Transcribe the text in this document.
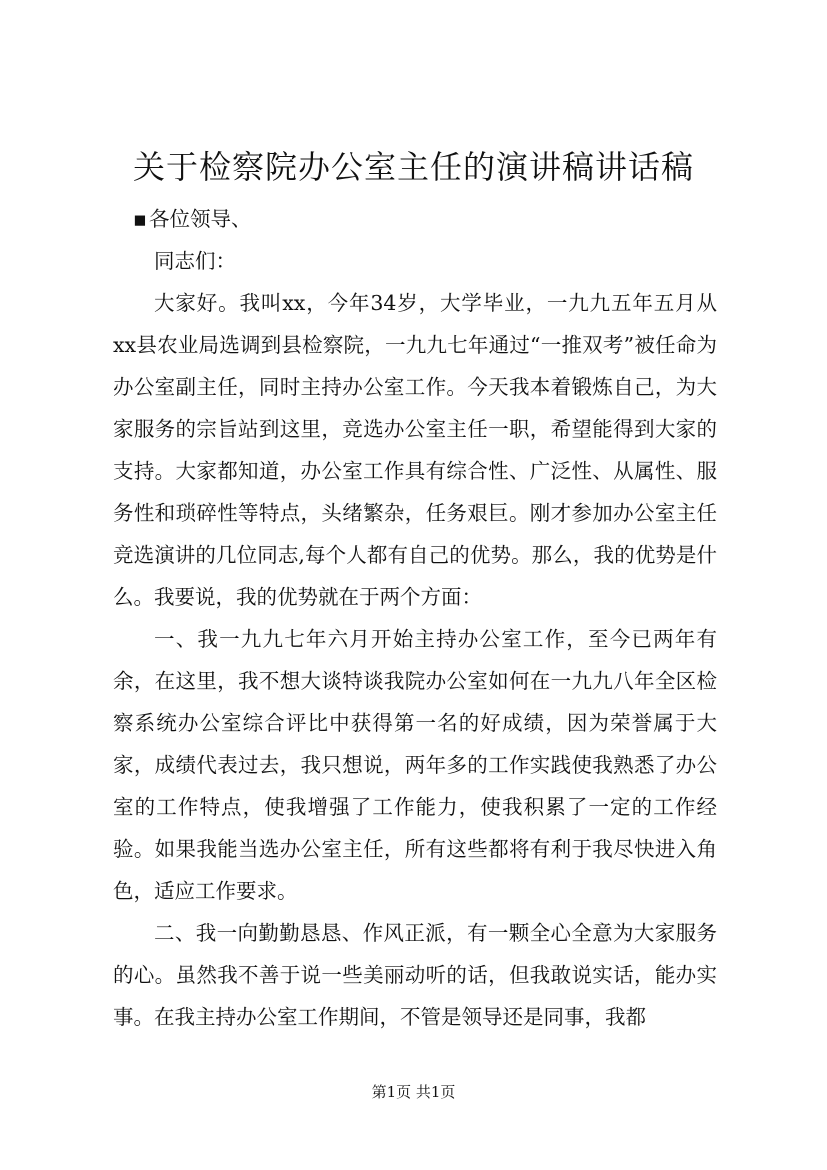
关于检察院办公室主任的演讲稿讲话稿

▪ 各位领导、

同志们：

大家好。我叫xx，今年34岁，大学毕业，一九九五年五月从xx县农业局选调到县检察院，一九九七年通过“一推双考”被任命为办公室副主任，同时主持办公室工作。今天我本着锻炼自己，为大家服务的宗旨站到这里，竞选办公室主任一职，希望能得到大家的支持。大家都知道，办公室工作具有综合性、广泛性、从属性、服务性和琐碎性等特点，头绪繁杂，任务艰巨。刚才参加办公室主任竞选演讲的几位同志,每个人都有自己的优势。那么，我的优势是什么。我要说，我的优势就在于两个方面：

一、我一九九七年六月开始主持办公室工作，至今已两年有余，在这里，我不想大谈特谈我院办公室如何在一九九八年全区检察系统办公室综合评比中获得第一名的好成绩，因为荣誉属于大家，成绩代表过去，我只想说，两年多的工作实践使我熟悉了办公室的工作特点，使我增强了工作能力，使我积累了一定的工作经验。如果我能当选办公室主任，所有这些都将有利于我尽快进入角色，适应工作要求。

二、我一向勤勤恳恳、作风正派，有一颗全心全意为大家服务的心。虽然我不善于说一些美丽动听的话，但我敢说实话，能办实事。在我主持办公室工作期间，不管是领导还是同事，我都

第1页 共1页
